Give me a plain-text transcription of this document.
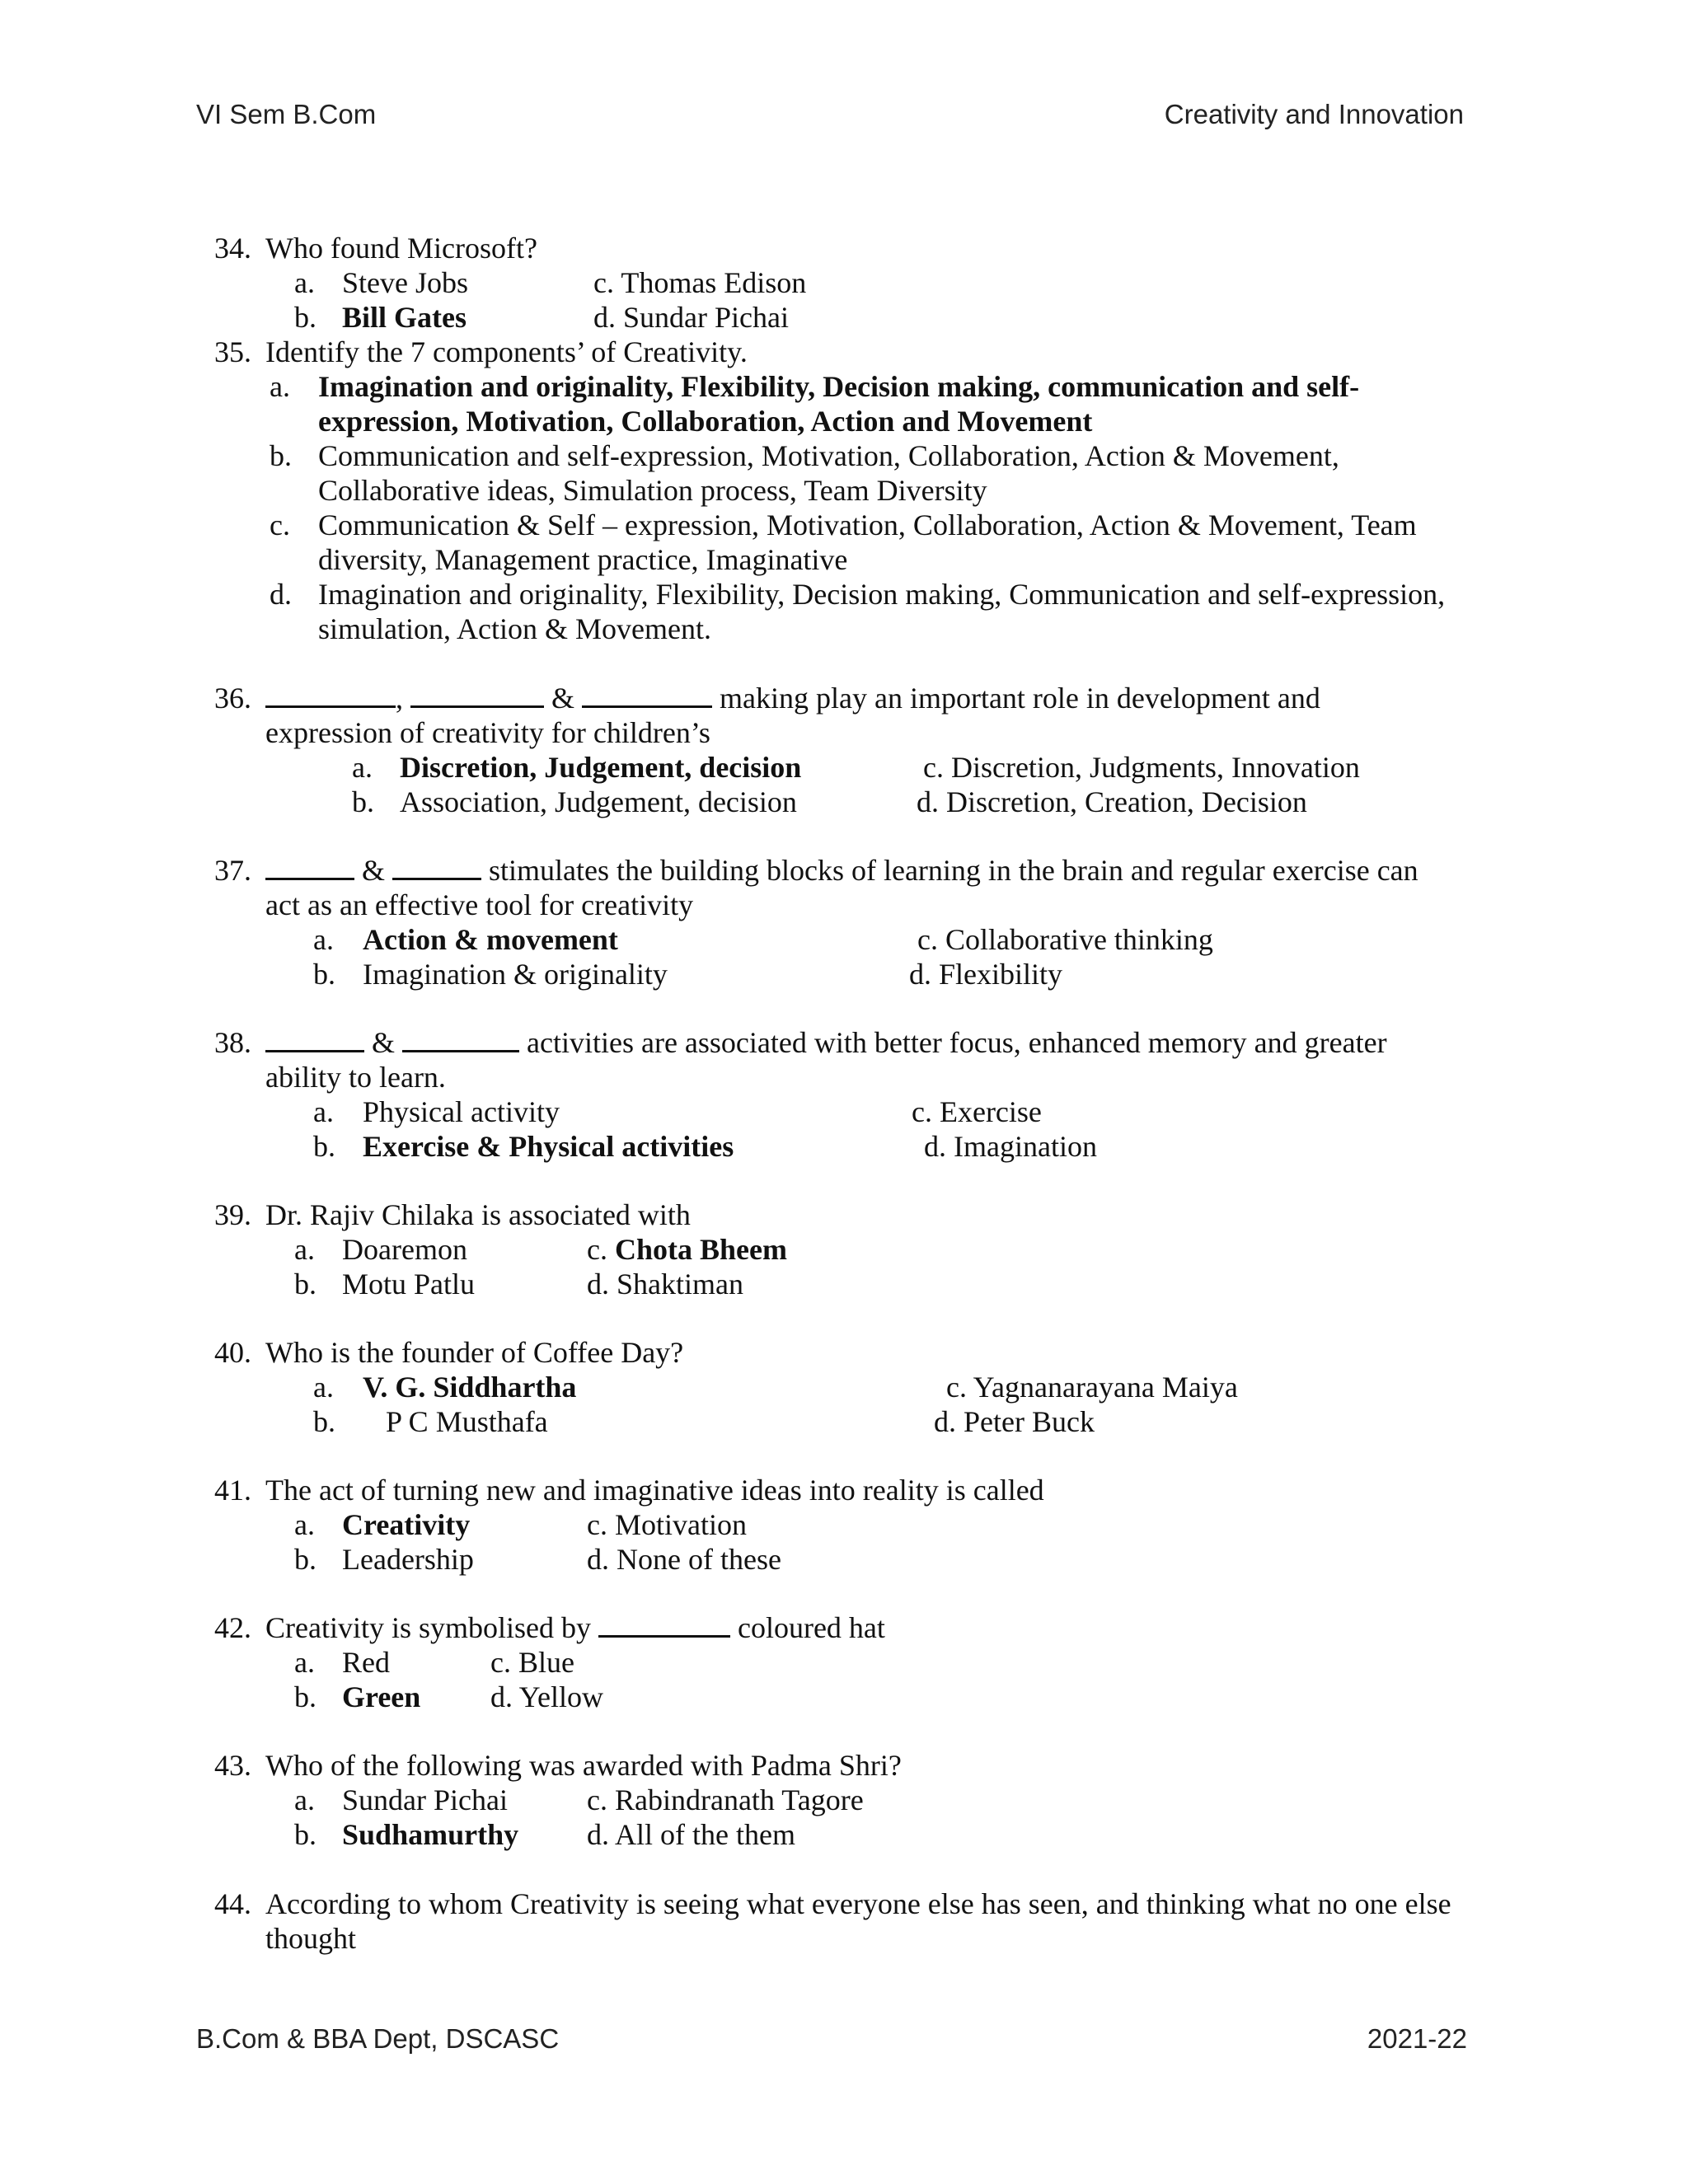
VI Sem B.Com	Creativity and Innovation
34. Who found Microsoft?
a. Steve Jobs	c. Thomas Edison
b. Bill Gates	d. Sundar Pichai
35. Identify the 7 components’ of Creativity.
a. Imagination and originality, Flexibility, Decision making, communication and self-
expression, Motivation, Collaboration, Action and Movement
b. Communication and self-expression, Motivation, Collaboration, Action & Movement,
Collaborative ideas, Simulation process, Team Diversity
c. Communication & Self – expression, Motivation, Collaboration, Action & Movement, Team
diversity, Management practice, Imaginative
d. Imagination and originality, Flexibility, Decision making, Communication and self-expression,
simulation, Action & Movement.
36.	,	&	making play an important role in development and
expression of creativity for children’s
a. Discretion, Judgement, decision	c. Discretion, Judgments, Innovation
b. Association, Judgement, decision	d. Discretion, Creation, Decision
37.	&	stimulates the building blocks of learning in the brain and regular exercise can
act as an effective tool for creativity
a. Action & movement	c. Collaborative thinking
b. Imagination & originality	d. Flexibility
38.	&	activities are associated with better focus, enhanced memory and greater
ability to learn.
a. Physical activity	c. Exercise
b. Exercise & Physical activities	d. Imagination
39. Dr. Rajiv Chilaka is associated with
a. Doaremon	c. Chota Bheem
b. Motu Patlu	d. Shaktiman
40. Who is the founder of Coffee Day?
a. V. G. Siddhartha	c. Yagnanarayana Maiya
b. P C Musthafa	d. Peter Buck
41. The act of turning new and imaginative ideas into reality is called
a. Creativity	c. Motivation
b. Leadership	d. None of these
42. Creativity is symbolised by	coloured hat
a. Red	c. Blue
b. Green d. Yellow
43. Who of the following was awarded with Padma Shri?
a. Sundar Pichai	c. Rabindranath Tagore
b. Sudhamurthy d. All of the them
44. According to whom Creativity is seeing what everyone else has seen, and thinking what no one else
thought
B.Com & BBA Dept, DSCASC	2021-22
